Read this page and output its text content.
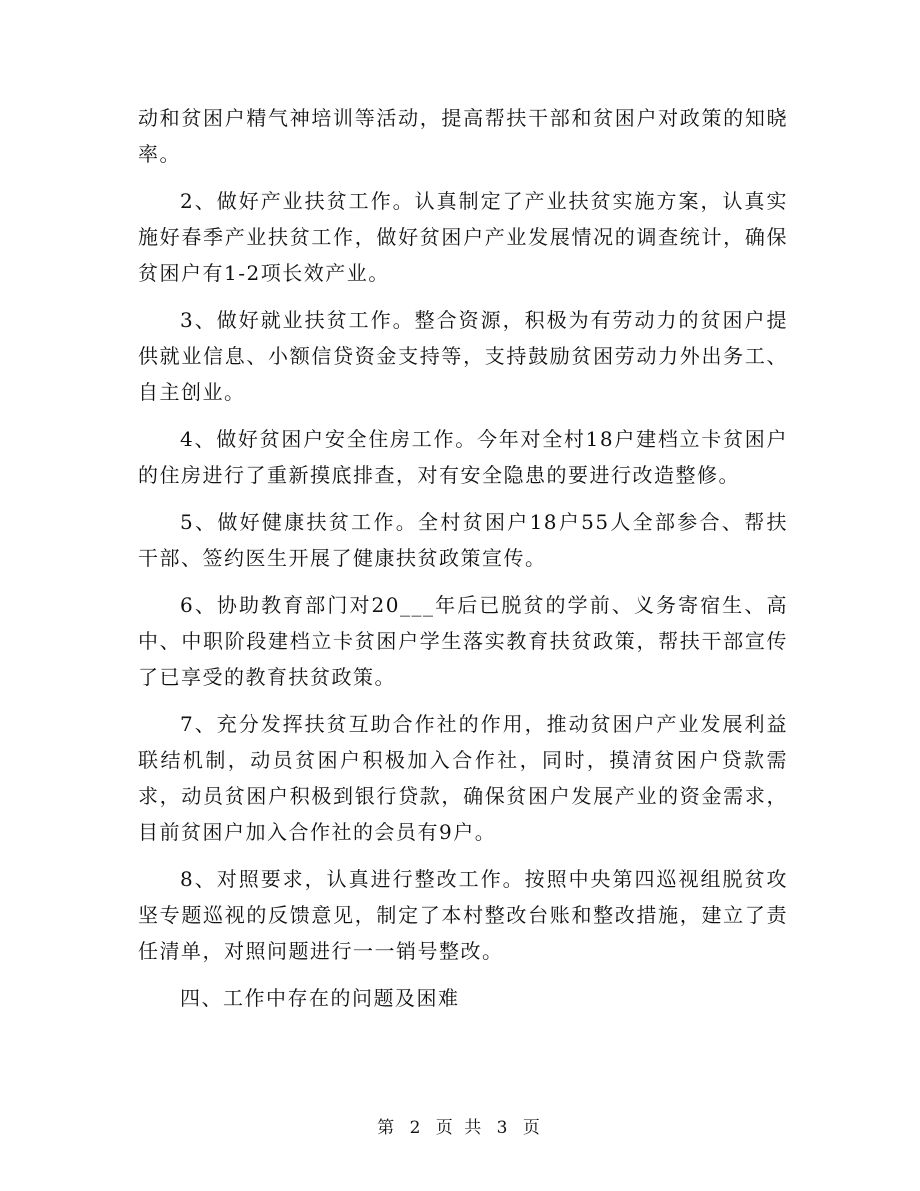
动和贫困户精气神培训等活动，提高帮扶干部和贫困户对政策的知晓率。

2、做好产业扶贫工作。认真制定了产业扶贫实施方案，认真实施好春季产业扶贫工作，做好贫困户产业发展情况的调查统计，确保贫困户有1-2项长效产业。

3、做好就业扶贫工作。整合资源，积极为有劳动力的贫困户提供就业信息、小额信贷资金支持等，支持鼓励贫困劳动力外出务工、自主创业。

4、做好贫困户安全住房工作。今年对全村18户建档立卡贫困户的住房进行了重新摸底排查，对有安全隐患的要进行改造整修。

5、做好健康扶贫工作。全村贫困户18户55人全部参合、帮扶干部、签约医生开展了健康扶贫政策宣传。

6、协助教育部门对20___年后已脱贫的学前、义务寄宿生、高中、中职阶段建档立卡贫困户学生落实教育扶贫政策，帮扶干部宣传了已享受的教育扶贫政策。

7、充分发挥扶贫互助合作社的作用，推动贫困户产业发展利益联结机制，动员贫困户积极加入合作社，同时，摸清贫困户贷款需求，动员贫困户积极到银行贷款，确保贫困户发展产业的资金需求，目前贫困户加入合作社的会员有9户。

8、对照要求，认真进行整改工作。按照中央第四巡视组脱贫攻坚专题巡视的反馈意见，制定了本村整改台账和整改措施，建立了责任清单，对照问题进行一一销号整改。

四、工作中存在的问题及困难

第 2 页 共 3 页
